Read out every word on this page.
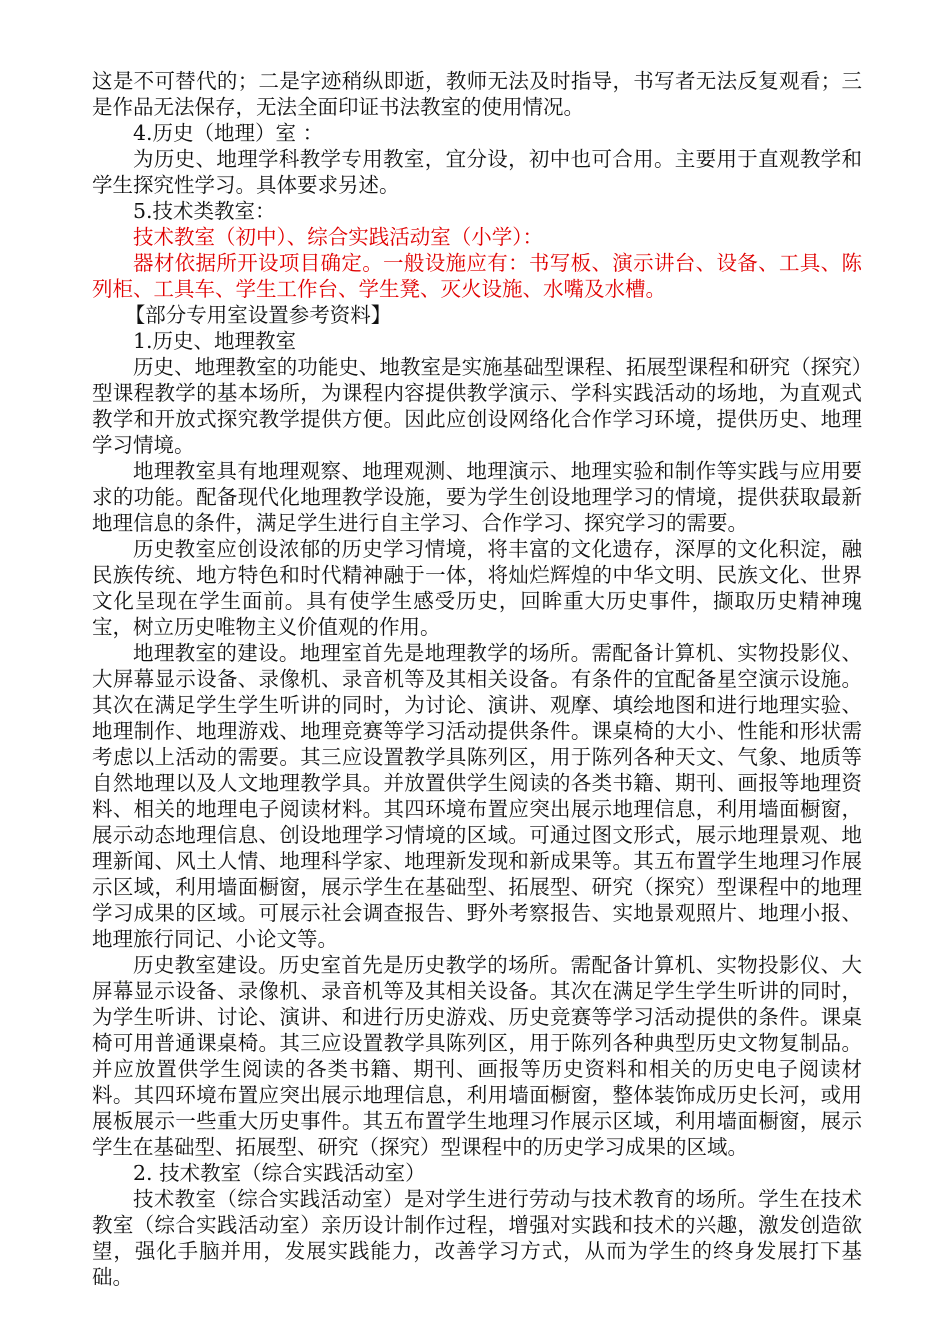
这是不可替代的；二是字迹稍纵即逝，教师无法及时指导，书写者无法反复观看；三是作品无法保存，无法全面印证书法教室的使用情况。

4.历史（地理）室 ：

为历史、地理学科教学专用教室，宜分设，初中也可合用。主要用于直观教学和学生探究性学习。具体要求另述。

5.技术类教室：

技术教室（初中）、综合实践活动室（小学）：

器材依据所开设项目确定。一般设施应有：书写板、演示讲台、设备、工具、陈列柜、工具车、学生工作台、学生凳、灭火设施、水嘴及水槽。

【部分专用室设置参考资料】

1.历史、地理教室

历史、地理教室的功能史、地教室是实施基础型课程、拓展型课程和研究（探究）型课程教学的基本场所，为课程内容提供教学演示、学科实践活动的场地，为直观式教学和开放式探究教学提供方便。因此应创设网络化合作学习环境，提供历史、地理学习情境。

地理教室具有地理观察、地理观测、地理演示、地理实验和制作等实践与应用要求的功能。配备现代化地理教学设施，要为学生创设地理学习的情境，提供获取最新地理信息的条件，满足学生进行自主学习、合作学习、探究学习的需要。

历史教室应创设浓郁的历史学习情境，将丰富的文化遗存，深厚的文化积淀，融民族传统、地方特色和时代精神融于一体，将灿烂辉煌的中华文明、民族文化、世界文化呈现在学生面前。具有使学生感受历史，回眸重大历史事件，撷取历史精神瑰宝，树立历史唯物主义价值观的作用。

地理教室的建设。地理室首先是地理教学的场所。需配备计算机、实物投影仪、大屏幕显示设备、录像机、录音机等及其相关设备。有条件的宜配备星空演示设施。其次在满足学生学生听讲的同时，为讨论、演讲、观摩、填绘地图和进行地理实验、地理制作、地理游戏、地理竞赛等学习活动提供条件。课桌椅的大小、性能和形状需考虑以上活动的需要。其三应设置教学具陈列区，用于陈列各种天文、气象、地质等自然地理以及人文地理教学具。并放置供学生阅读的各类书籍、期刊、画报等地理资料、相关的地理电子阅读材料。其四环境布置应突出展示地理信息，利用墙面橱窗，展示动态地理信息、创设地理学习情境的区域。可通过图文形式，展示地理景观、地理新闻、风土人情、地理科学家、地理新发现和新成果等。其五布置学生地理习作展示区域，利用墙面橱窗，展示学生在基础型、拓展型、研究（探究）型课程中的地理学习成果的区域。可展示社会调查报告、野外考察报告、实地景观照片、地理小报、地理旅行同记、小论文等。

历史教室建设。历史室首先是历史教学的场所。需配备计算机、实物投影仪、大屏幕显示设备、录像机、录音机等及其相关设备。其次在满足学生学生听讲的同时，为学生听讲、讨论、演讲、和进行历史游戏、历史竞赛等学习活动提供的条件。课桌椅可用普通课桌椅。其三应设置教学具陈列区，用于陈列各种典型历史文物复制品。并应放置供学生阅读的各类书籍、期刊、画报等历史资料和相关的历史电子阅读材料。其四环境布置应突出展示地理信息，利用墙面橱窗，整体装饰成历史长河，或用展板展示一些重大历史事件。其五布置学生地理习作展示区域，利用墙面橱窗，展示学生在基础型、拓展型、研究（探究）型课程中的历史学习成果的区域。

2. 技术教室（综合实践活动室）

技术教室（综合实践活动室）是对学生进行劳动与技术教育的场所。学生在技术教室（综合实践活动室）亲历设计制作过程，增强对实践和技术的兴趣，激发创造欲望，强化手脑并用，发展实践能力，改善学习方式，从而为学生的终身发展打下基础。
